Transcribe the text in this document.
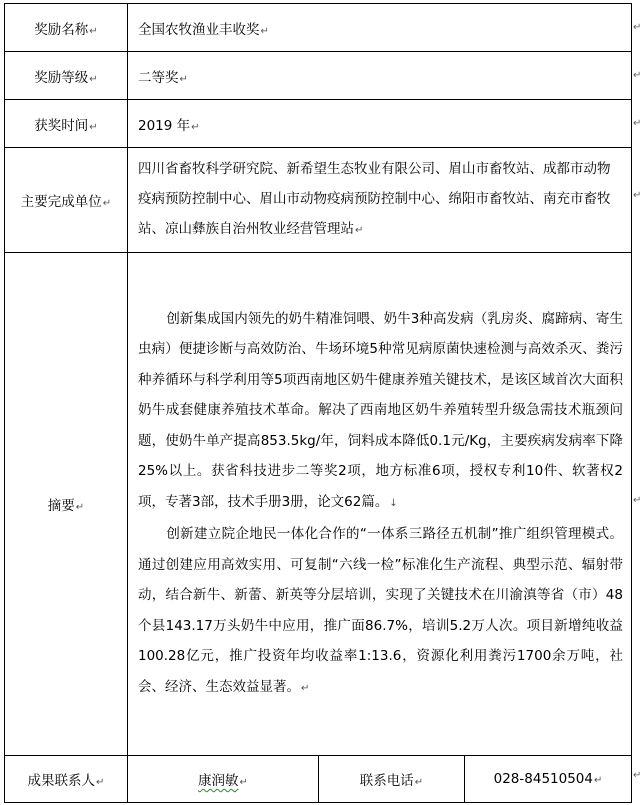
奖励名称↵	全国农牧渔业丰收奖↵		
奖励等级↵	二等奖↵		
获奖时间↵	2019 年↵		
主要完成单位↵	四川省畜牧科学研究院、新希望生态牧业有限公司、眉山市畜牧站、成都市动物疫病预防控制中心、眉山市动物疫病预防控制中心、绵阳市畜牧站、南充市畜牧站、凉山彝族自治州牧业经营管理站↵		
摘要↵	创新集成国内领先的奶牛精准饲喂、奶牛3种高发病（乳房炎、腐蹄病、寄生虫病）便捷诊断与高效防治、牛场环境5种常见病原菌快速检测与高效杀灭、粪污种养循环与科学利用等5项西南地区奶牛健康养殖关键技术，是该区域首次大面积奶牛成套健康养殖技术革命。解决了西南地区奶牛养殖转型升级急需技术瓶颈问题，使奶牛单产提高853.5kg/年，饲料成本降低0.1元/Kg，主要疾病发病率下降25%以上。获省科技进步二等奖2项，地方标准6项，授权专利10件、软著权2项，专著3部，技术手册3册，论文62篇。↓

创新建立院企地民一体化合作的“一体系三路径五机制”推广组织管理模式。通过创建应用高效实用、可复制“六线一检”标准化生产流程、典型示范、辐射带动，结合新牛、新蕾、新英等分层培训，实现了关键技术在川渝滇等省（市）48个县143.17万头奶牛中应用，推广面86.7%，培训5.2万人次。项目新增纯收益100.28亿元，推广投资年均收益率1:13.6，资源化利用粪污1700余万吨，社会、经济、生态效益显著。↵		

成果联系人↵	康润敏↵	联系电话↵	028-84510504↵
↵
↵
↵
↵
↵
↵
